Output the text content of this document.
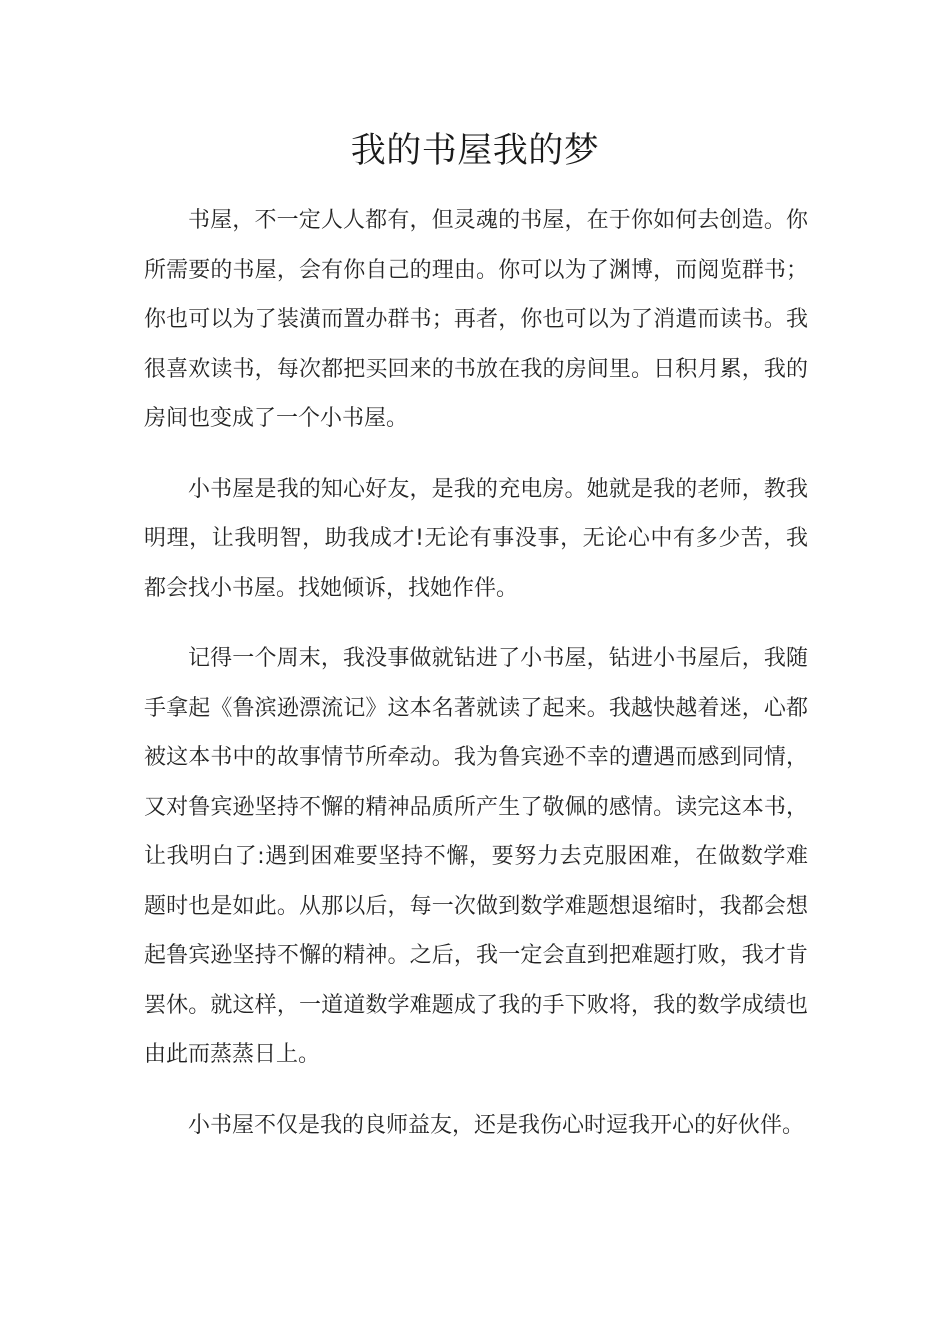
我的书屋我的梦

书屋，不一定人人都有，但灵魂的书屋，在于你如何去创造。你所需要的书屋，会有你自己的理由。你可以为了渊博，而阅览群书；你也可以为了装潢而置办群书；再者，你也可以为了消遣而读书。我很喜欢读书，每次都把买回来的书放在我的房间里。日积月累，我的房间也变成了一个小书屋。

小书屋是我的知心好友，是我的充电房。她就是我的老师，教我明理，让我明智，助我成才!无论有事没事，无论心中有多少苦，我都会找小书屋。找她倾诉，找她作伴。

记得一个周末，我没事做就钻进了小书屋，钻进小书屋后，我随手拿起《鲁滨逊漂流记》这本名著就读了起来。我越快越着迷，心都被这本书中的故事情节所牵动。我为鲁宾逊不幸的遭遇而感到同情，又对鲁宾逊坚持不懈的精神品质所产生了敬佩的感情。读完这本书，让我明白了:遇到困难要坚持不懈，要努力去克服困难，在做数学难题时也是如此。从那以后，每一次做到数学难题想退缩时，我都会想起鲁宾逊坚持不懈的精神。之后，我一定会直到把难题打败，我才肯罢休。就这样，一道道数学难题成了我的手下败将，我的数学成绩也由此而蒸蒸日上。

小书屋不仅是我的良师益友，还是我伤心时逗我开心的好伙伴。
